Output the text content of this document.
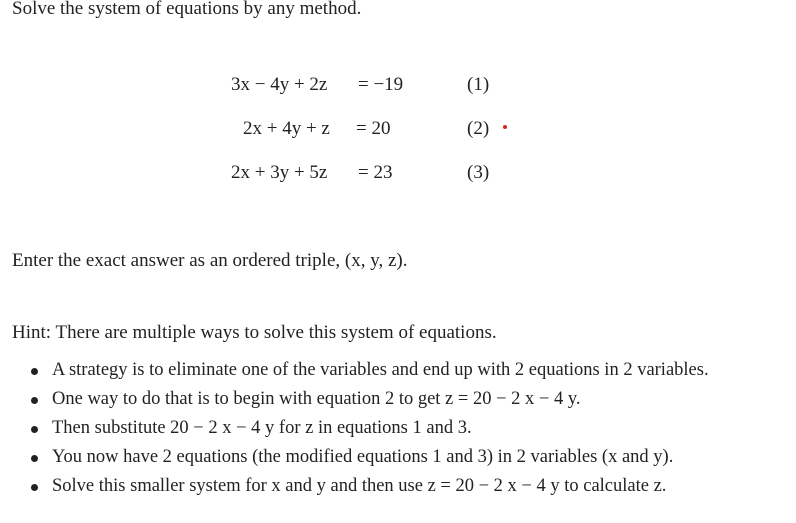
Solve the system of equations by any method.

3x − 4y + 2z = −19	(1)
2x + 4y + z = 20	(2)
2x + 3y + 5z = 23	(3)

Enter the exact answer as an ordered triple, (x, y, z).

Hint: There are multiple ways to solve this system of equations.

A strategy is to eliminate one of the variables and end up with 2 equations in 2 variables.
One way to do that is to begin with equation 2 to get z = 20 − 2 x − 4 y.
Then substitute 20 − 2 x − 4 y for z in equations 1 and 3.
You now have 2 equations (the modified equations 1 and 3) in 2 variables (x and y).
Solve this smaller system for x and y and then use z = 20 − 2 x − 4 y to calculate z.
